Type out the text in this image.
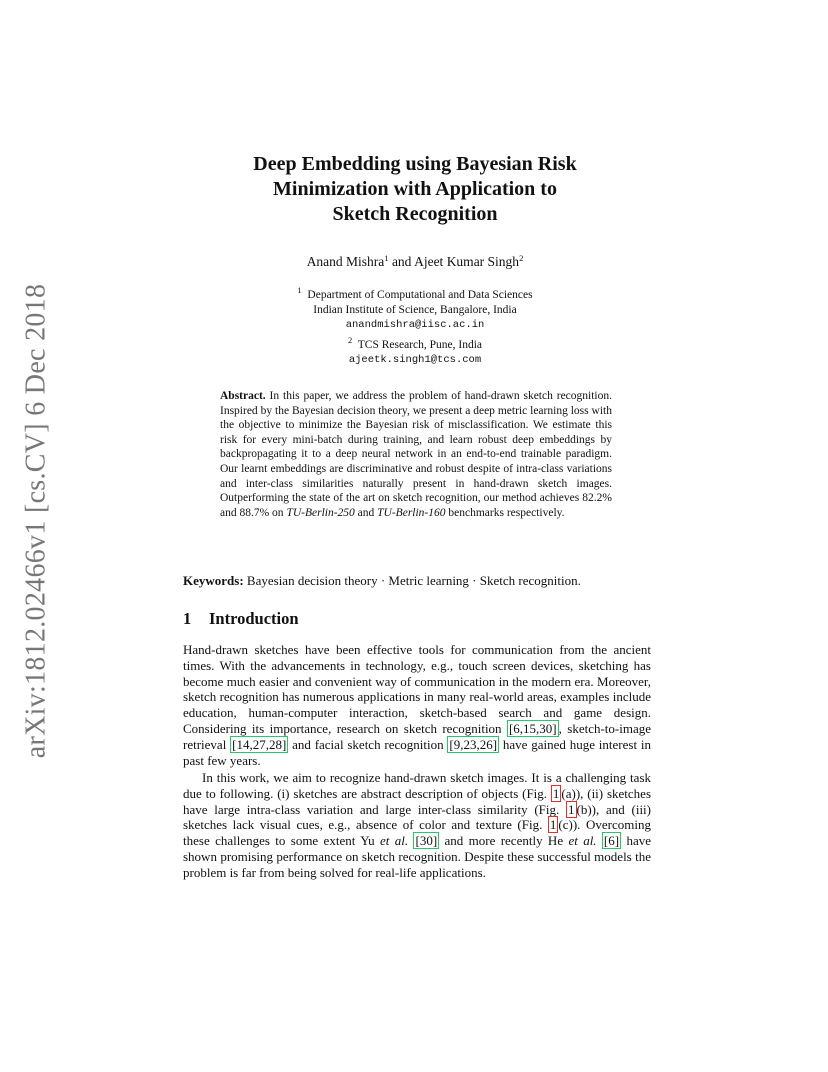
arXiv:1812.02466v1 [cs.CV] 6 Dec 2018
Deep Embedding using Bayesian Risk
Minimization with Application to
Sketch Recognition
Anand Mishra$^1$ and Ajeet Kumar Singh$^2$
$^1$ Department of Computational and Data Sciences
Indian Institute of Science, Bangalore, India
anandmishra@iisc.ac.in
$^2$ TCS Research, Pune, India
ajeetk.singh1@tcs.com
Abstract. In this paper, we address the problem of hand-drawn sketch recognition. Inspired by the Bayesian decision theory, we present a deep metric learning loss with the objective to minimize the Bayesian risk of misclassification. We estimate this risk for every mini-batch during training, and learn robust deep embeddings by backpropagating it to a deep neural network in an end-to-end trainable paradigm. Our learnt embeddings are discriminative and robust despite of intra-class variations and inter-class similarities naturally present in hand-drawn sketch images. Outperforming the state of the art on sketch recognition, our method achieves 82.2% and 88.7% on TU-Berlin-250 and TU-Berlin-160 benchmarks respectively.
Keywords: Bayesian decision theory · Metric learning · Sketch recognition.
1 Introduction
Hand-drawn sketches have been effective tools for communication from the ancient times. With the advancements in technology, e.g., touch screen devices, sketching has become much easier and convenient way of communication in the modern era. Moreover, sketch recognition has numerous applications in many real-world areas, examples include education, human-computer interaction, sketch-based search and game design. Considering its importance, research on sketch recognition [6,15,30] , sketch-to-image retrieval [14,27,28] and facial sketch recognition [9,23,26] have gained huge interest in past few years.
In this work, we aim to recognize hand-drawn sketch images. It is a challenging task due to following. (i) sketches are abstract description of objects (Fig. 1 (a)), (ii) sketches have large intra-class variation and large inter-class similarity (Fig. 1 (b)), and (iii) sketches lack visual cues, e.g., absence of color and texture (Fig. 1 (c)). Overcoming these challenges to some extent Yu et al. [30] and more recently He et al. [6] have shown promising performance on sketch recognition. Despite these successful models the problem is far from being solved for real-life applications.
